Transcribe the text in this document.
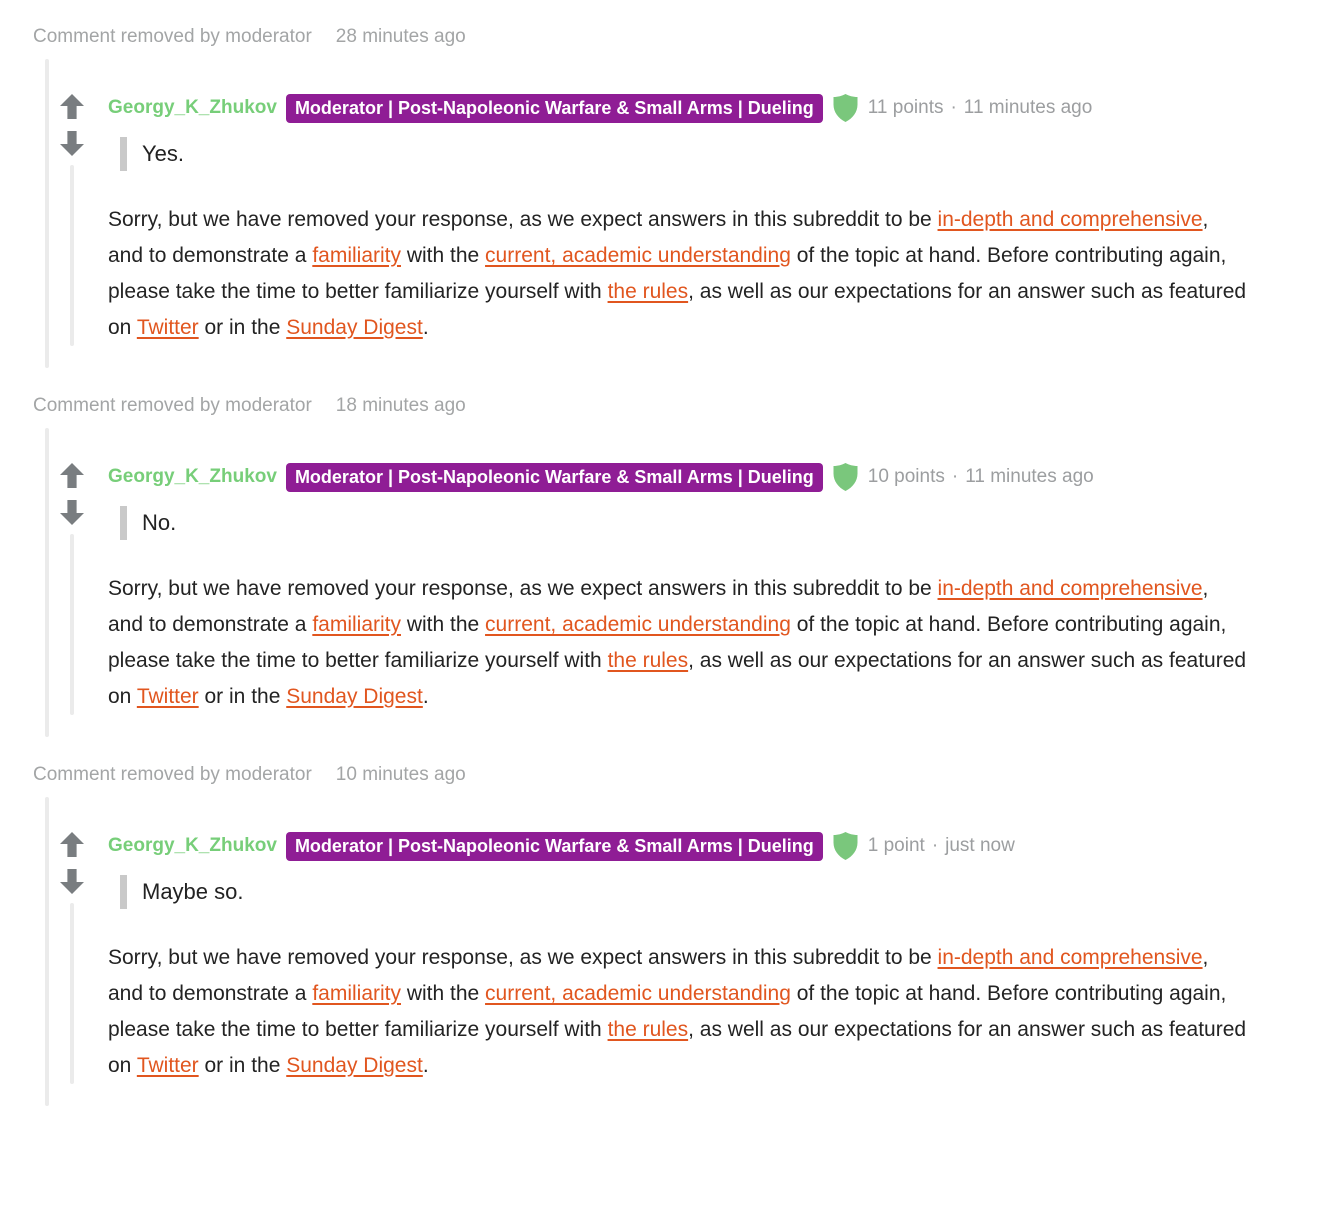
Comment removed by moderator 28 minutes ago
Georgy_K_Zhukov	Moderator | Post-Napoleonic Warfare & Small Arms | Dueling	11 points · 11 minutes ago
Yes.

Sorry, but we have removed your response, as we expect answers in this subreddit to be in-depth and comprehensive, and to demonstrate a familiarity with the current, academic understanding of the topic at hand. Before contributing again, please take the time to better familiarize yourself with the rules, as well as our expectations for an answer such as featured on Twitter or in the Sunday Digest.

Comment removed by moderator 18 minutes ago
Georgy_K_Zhukov	Moderator | Post-Napoleonic Warfare & Small Arms | Dueling	10 points · 11 minutes ago
No.

Sorry, but we have removed your response, as we expect answers in this subreddit to be in-depth and comprehensive, and to demonstrate a familiarity with the current, academic understanding of the topic at hand. Before contributing again, please take the time to better familiarize yourself with the rules, as well as our expectations for an answer such as featured on Twitter or in the Sunday Digest.

Comment removed by moderator 10 minutes ago
Georgy_K_Zhukov	Moderator | Post-Napoleonic Warfare & Small Arms | Dueling	1 point · just now
Maybe so.

Sorry, but we have removed your response, as we expect answers in this subreddit to be in-depth and comprehensive, and to demonstrate a familiarity with the current, academic understanding of the topic at hand. Before contributing again, please take the time to better familiarize yourself with the rules, as well as our expectations for an answer such as featured on Twitter or in the Sunday Digest.
